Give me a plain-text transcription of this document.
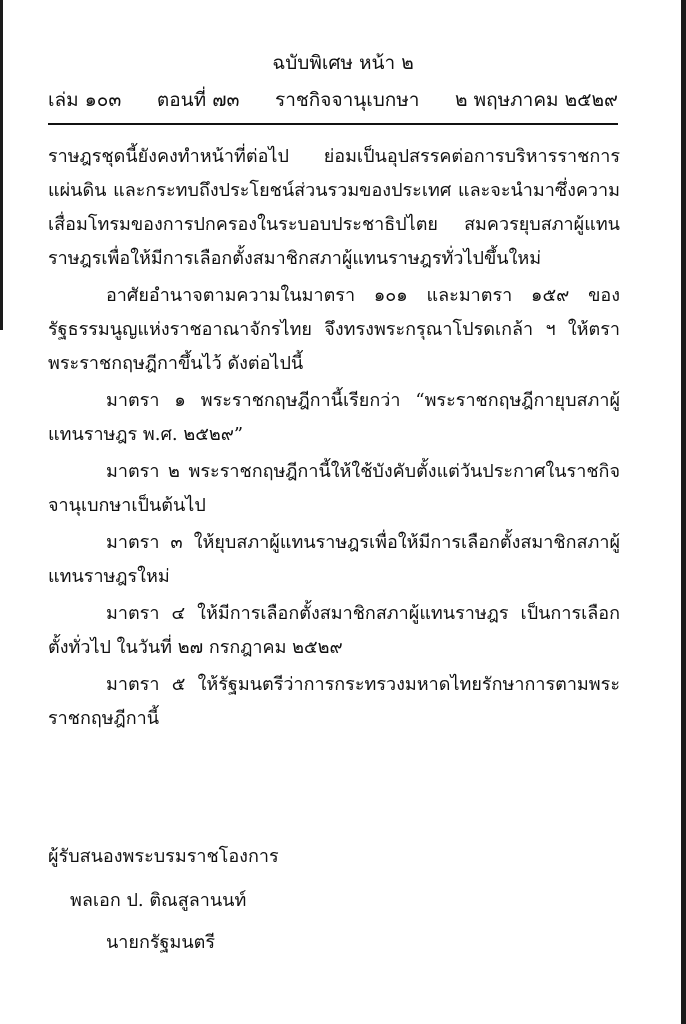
ฉบับพิเศษ หน้า ๒
เล่ม ๑๐๓ ตอนที่ ๗๓ ราชกิจจานุเบกษา ๒ พฤษภาคม ๒๕๒๙

ราษฎรชุดนี้ยังคงทำหน้าที่ต่อไป ย่อมเป็นอุปสรรคต่อการบริหารราชการแผ่นดิน และกระทบถึงประโยชน์ส่วนรวมของประเทศ และจะนำมาซึ่งความเสื่อมโทรมของการปกครองในระบอบประชาธิปไตย สมควรยุบสภาผู้แทนราษฎรเพื่อให้มีการเลือกตั้งสมาชิกสภาผู้แทนราษฎรทั่วไปขึ้นใหม่

อาศัยอำนาจตามความในมาตรา ๑๐๑ และมาตรา ๑๕๙ ของรัฐธรรมนูญแห่งราชอาณาจักรไทย จึงทรงพระกรุณาโปรดเกล้า ฯ ให้ตราพระราชกฤษฎีกาขึ้นไว้ ดังต่อไปนี้

มาตรา ๑ พระราชกฤษฎีกานี้เรียกว่า “พระราชกฤษฎีกายุบสภาผู้แทนราษฎร พ.ศ. ๒๕๒๙”

มาตรา ๒ พระราชกฤษฎีกานี้ให้ใช้บังคับตั้งแต่วันประกาศในราชกิจจานุเบกษาเป็นต้นไป

มาตรา ๓ ให้ยุบสภาผู้แทนราษฎรเพื่อให้มีการเลือกตั้งสมาชิกสภาผู้แทนราษฎรใหม่

มาตรา ๔ ให้มีการเลือกตั้งสมาชิกสภาผู้แทนราษฎร เป็นการเลือกตั้งทั่วไป ในวันที่ ๒๗ กรกฎาคม ๒๕๒๙

มาตรา ๕ ให้รัฐมนตรีว่าการกระทรวงมหาดไทยรักษาการตามพระราชกฤษฎีกานี้

ผู้รับสนองพระบรมราชโองการ
พลเอก ป. ติณสูลานนท์
นายกรัฐมนตรี
